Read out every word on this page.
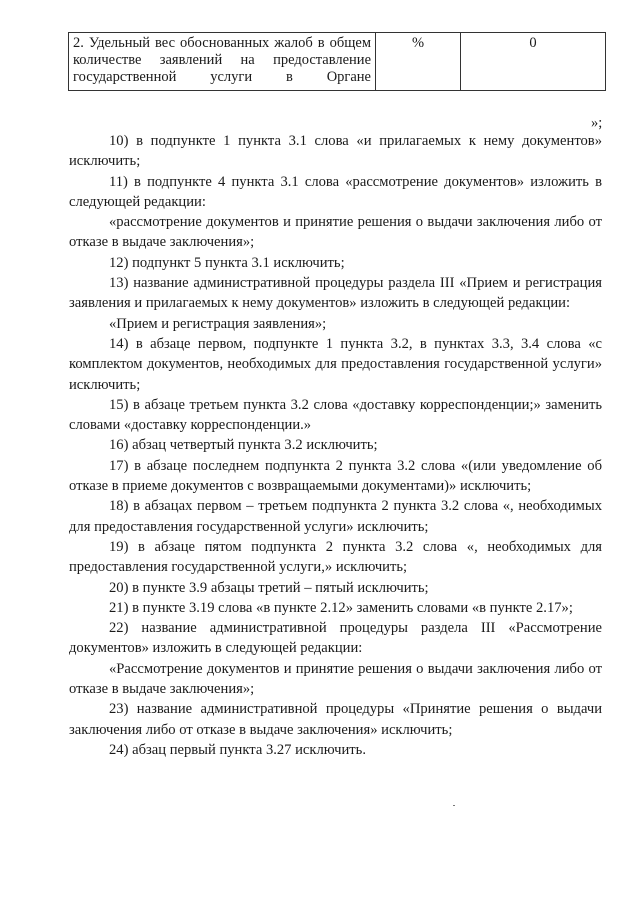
2. Удельный вес обоснованных жалоб в общем количестве заявлений на предоставление государственной услуги в Органе	%	0
»;

10) в подпункте 1 пункта 3.1 слова «и прилагаемых к нему документов» исключить;

11) в подпункте 4 пункта 3.1 слова «рассмотрение документов» изложить в следующей редакции:

«рассмотрение документов и принятие решения о выдачи заключения либо от отказе в выдаче заключения»;

12) подпункт 5 пункта 3.1 исключить;

13) название административной процедуры раздела III «Прием и регистрация заявления и прилагаемых к нему документов» изложить в следующей редакции:

«Прием и регистрация заявления»;

14) в абзаце первом, подпункте 1 пункта 3.2, в пунктах 3.3, 3.4 слова «с комплектом документов, необходимых для предоставления государственной услуги» исключить;

15) в абзаце третьем пункта 3.2 слова «доставку корреспонденции;» заменить словами «доставку корреспонденции.»

16) абзац четвертый пункта 3.2 исключить;

17) в абзаце последнем подпункта 2 пункта 3.2 слова «(или уведомление об отказе в приеме документов с возвращаемыми документами)» исключить;

18) в абзацах первом – третьем подпункта 2 пункта 3.2 слова «, необходимых для предоставления государственной услуги» исключить;

19) в абзаце пятом подпункта 2 пункта 3.2 слова «, необходимых для предоставления государственной услуги,» исключить;

20) в пункте 3.9 абзацы третий – пятый исключить;

21) в пункте 3.19 слова «в пункте 2.12» заменить словами «в пункте 2.17»;

22) название административной процедуры раздела III «Рассмотрение документов» изложить в следующей редакции:

«Рассмотрение документов и принятие решения о выдачи заключения либо от отказе в выдаче заключения»;

23) название административной процедуры «Принятие решения о выдачи заключения либо от отказе в выдаче заключения» исключить;

24) абзац первый пункта 3.27 исключить.
